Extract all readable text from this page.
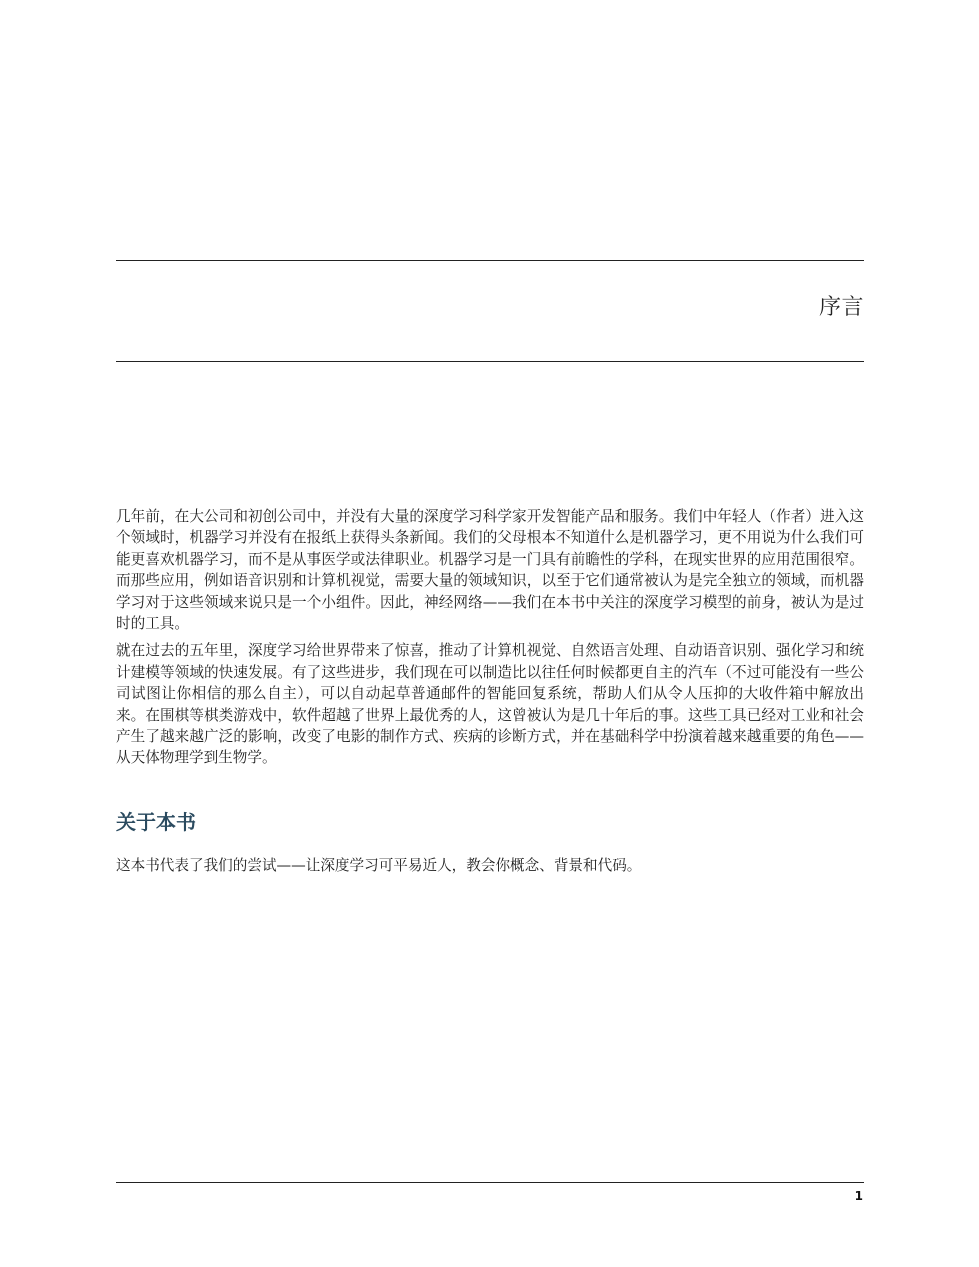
序言

几年前，在大公司和初创公司中，并没有大量的深度学习科学家开发智能产品和服务。我们中年轻人（作者）进入这个领域时，机器学习并没有在报纸上获得头条新闻。我们的父母根本不知道什么是机器学习，更不用说为什么我们可能更喜欢机器学习，而不是从事医学或法律职业。机器学习是一门具有前瞻性的学科，在现实世界的应用范围很窄。而那些应用，例如语音识别和计算机视觉，需要大量的领域知识，以至于它们通常被认为是完全独立的领域，而机器学习对于这些领域来说只是一个小组件。因此，神经网络——我们在本书中关注的深度学习模型的前身，被认为是过时的工具。

就在过去的五年里，深度学习给世界带来了惊喜，推动了计算机视觉、自然语言处理、自动语音识别、强化学习和统计建模等领域的快速发展。有了这些进步，我们现在可以制造比以往任何时候都更自主的汽车（不过可能没有一些公司试图让你相信的那么自主），可以自动起草普通邮件的智能回复系统，帮助人们从令人压抑的大收件箱中解放出来。在围棋等棋类游戏中，软件超越了世界上最优秀的人，这曾被认为是几十年后的事。这些工具已经对工业和社会产生了越来越广泛的影响，改变了电影的制作方式、疾病的诊断方式，并在基础科学中扮演着越来越重要的角色——从天体物理学到生物学。

关于本书

这本书代表了我们的尝试——让深度学习可平易近人，教会你概念、背景和代码。

1
